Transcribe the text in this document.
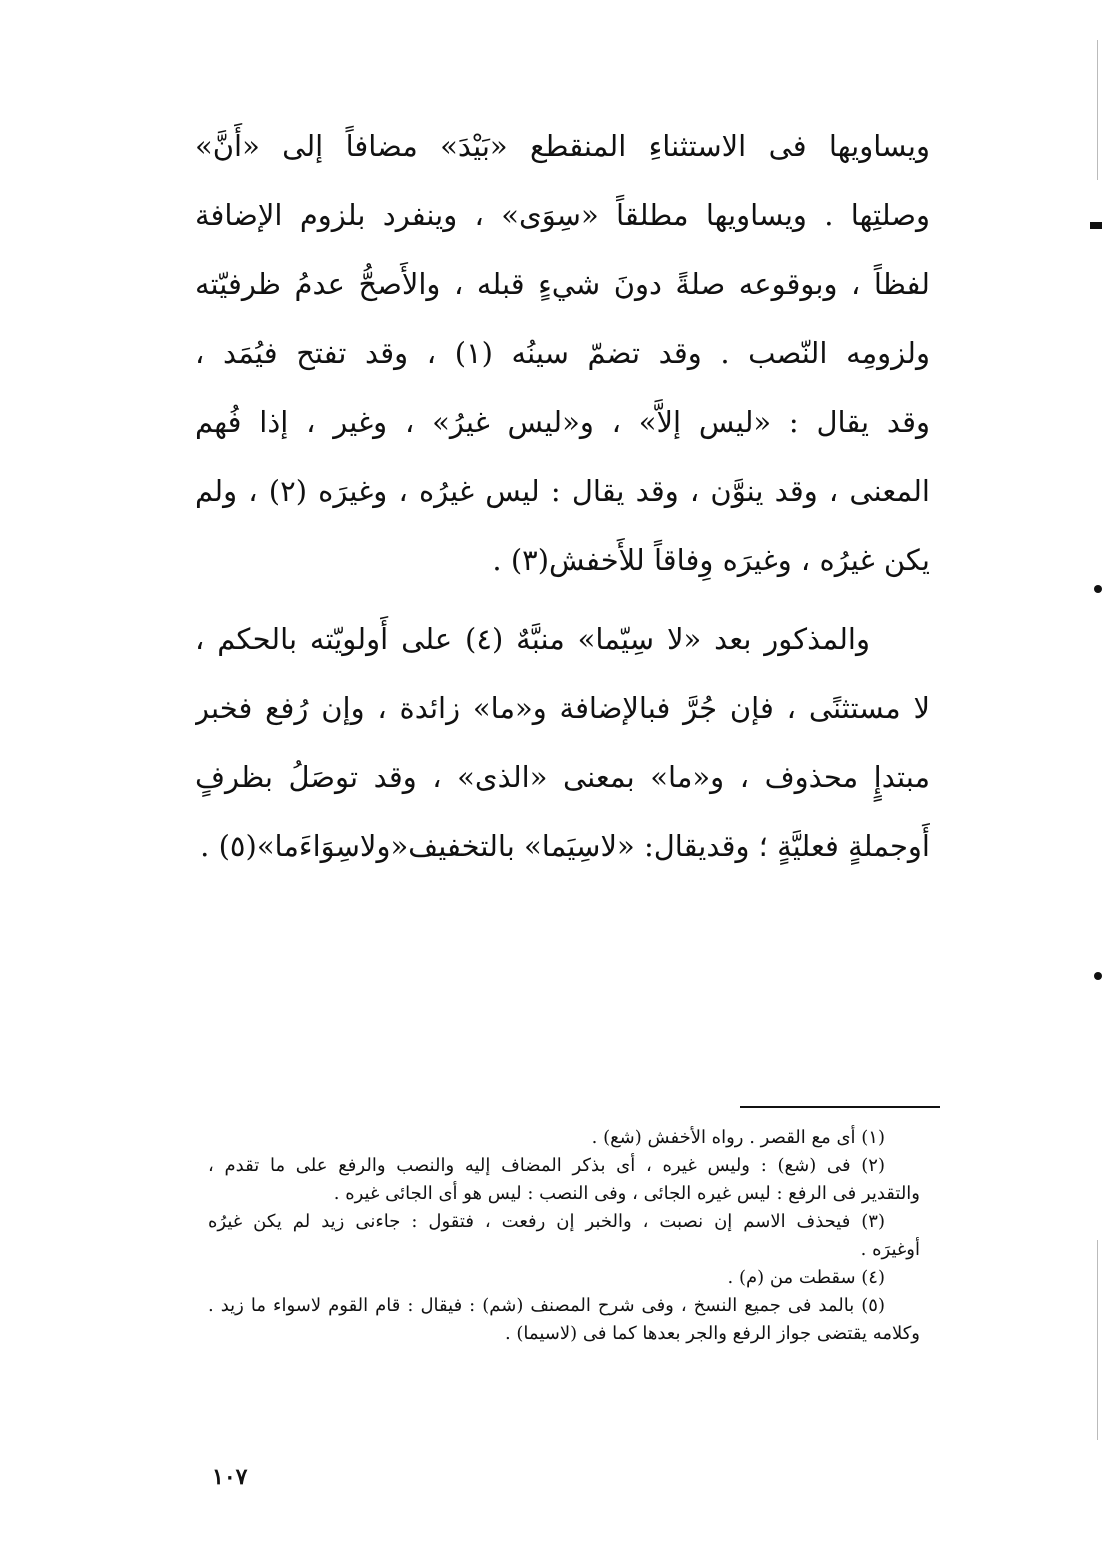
ويساويها فى الاستثناءِ المنقطع «بَيْدَ» مضافاً إلى «أَنَّ»
وصلتِها . ويساويها مطلقاً «سِوَى» ، وينفرد بلزوم الإضافة
لفظاً ، وبوقوعه صلةً دونَ شيءٍ قبله ، والأَصحُّ عدمُ ظرفيّته
ولزومِه النّصب . وقد تضمّ سينُه (١) ، وقد تفتح فيُمَد ،
وقد يقال : «ليس إلاَّ» ، و«ليس غيرُ» ، وغير ، إذا فُهم
المعنى ، وقد ينوَّن ، وقد يقال : ليس غيرُه ، وغيرَه (٢) ، ولم
يكن غيرُه ، وغيرَه وِفاقاً للأَخفش(٣) .
والمذكور بعد «لا سِيّما» منبَّهٌ (٤) على أَولويّته بالحكم ،
لا مستثنًى ، فإن جُرَّ فبالإضافة و«ما» زائدة ، وإن رُفع فخبر
مبتدإٍ محذوف ، و«ما» بمعنى «الذى» ، وقد توصَلُ بظرفٍ
أَوجملةٍ فعليَّةٍ ؛ وقديقال: «لاسِيَما» بالتخفيف«ولاسِوَاءَما»(٥) .
(١) أى مع القصر . رواه الأخفش (شع) .
(٢) فى (شع) : وليس غيره ، أى بذكر المضاف إليه والنصب والرفع على ما تقدم ،
والتقدير فى الرفع : ليس غيره الجائى ، وفى النصب : ليس هو أى الجائى غيره .
(٣) فيحذف الاسم إن نصبت ، والخبر إن رفعت ، فتقول : جاءنى زيد لم يكن غيرُه
أوغيرَه .
(٤) سقطت من (م) .
(٥) بالمد فى جميع النسخ ، وفى شرح المصنف (شم) : فيقال : قام القوم لاسواء ما زيد .
وكلامه يقتضى جواز الرفع والجر بعدها كما فى (لاسيما) .
١٠٧
